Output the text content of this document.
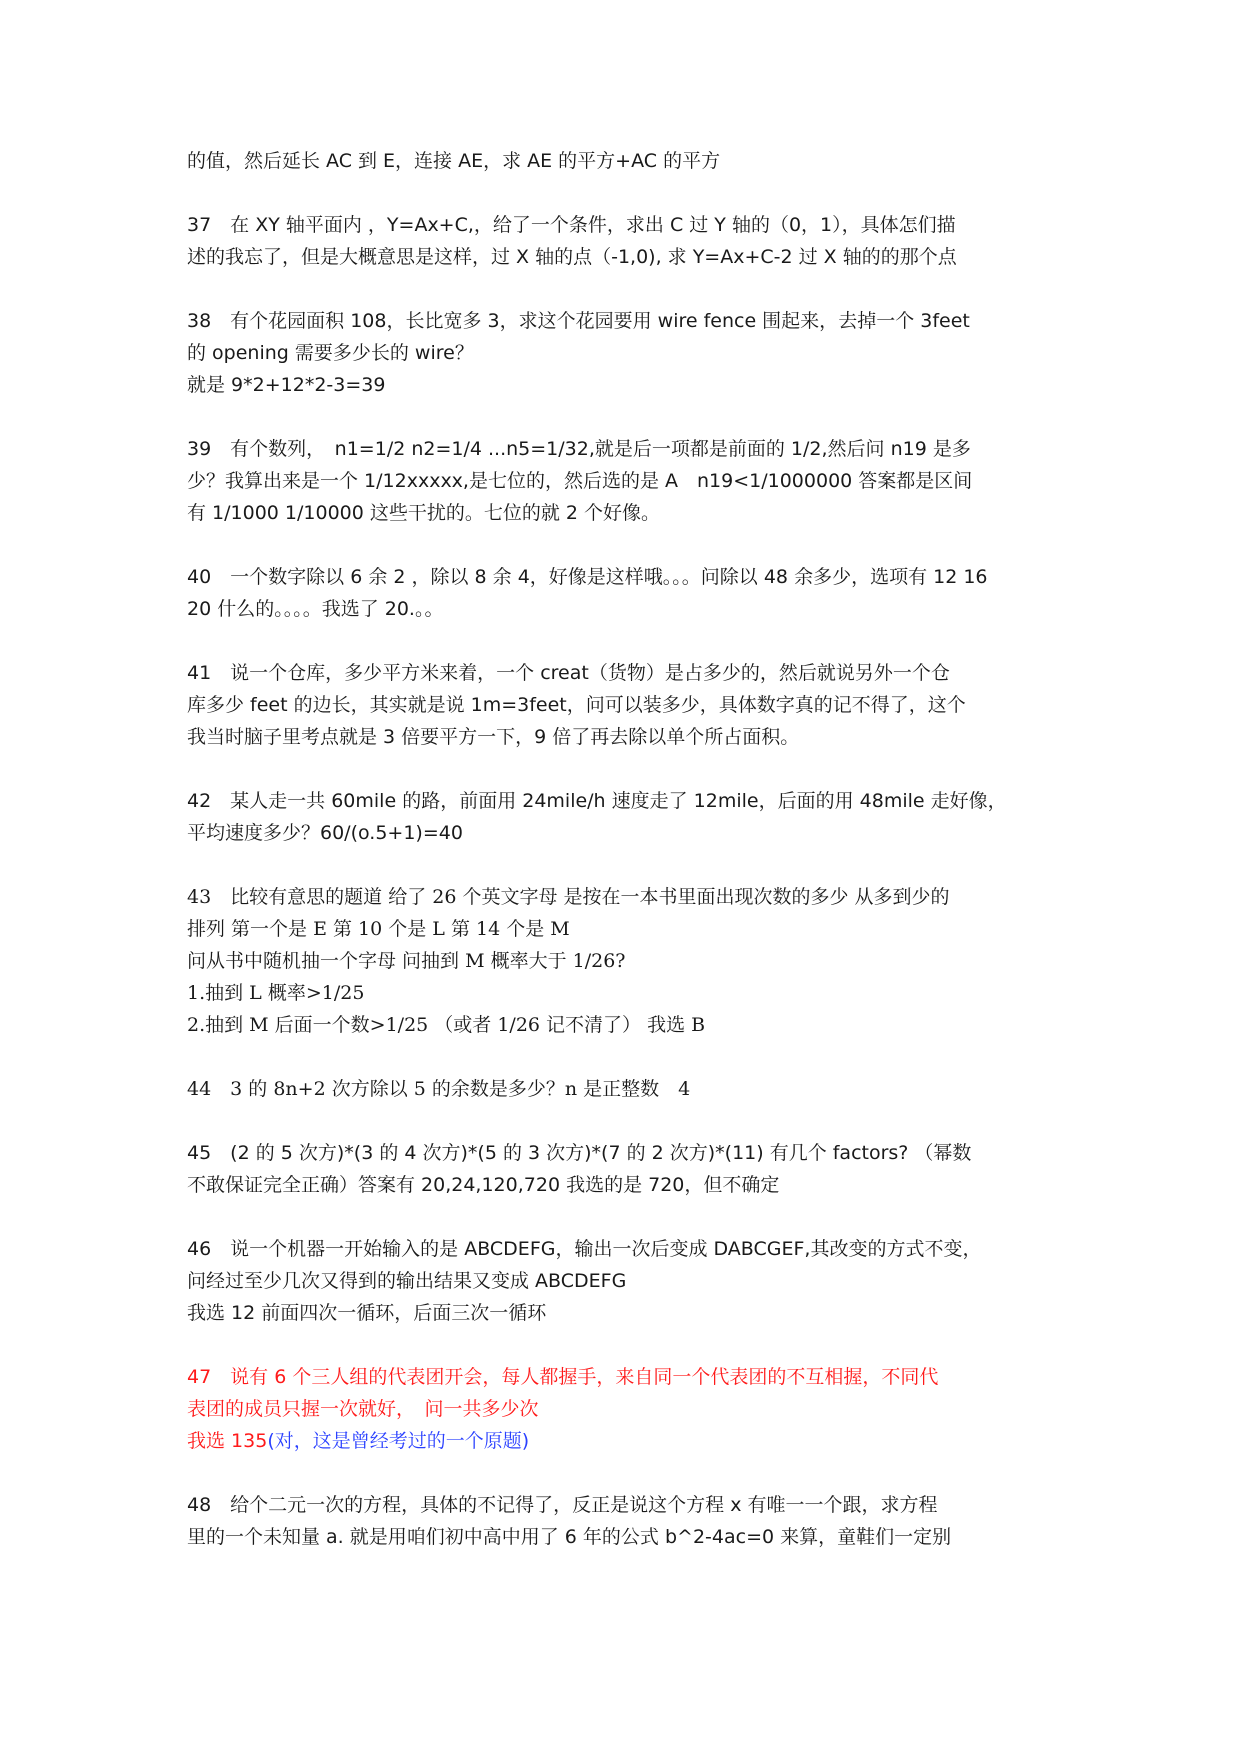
的值，然后延长 AC 到 E，连接 AE，求 AE 的平方+AC 的平方
37　在 XY 轴平面内 ，Y=Ax+C,，给了一个条件，求出 C 过 Y 轴的（0，1），具体怎们描
述的我忘了，但是大概意思是这样，过 X 轴的点（-1,0), 求 Y=Ax+C-2 过 X 轴的的那个点
38　有个花园面积 108，长比宽多 3，求这个花园要用 wire fence 围起来，去掉一个 3feet
的 opening 需要多少长的 wire？
就是 9*2+12*2-3=39
39　有个数列，　n1=1/2 n2=1/4 ...n5=1/32,就是后一项都是前面的 1/2,然后问 n19 是多
少？我算出来是一个 1/12xxxxx,是七位的，然后选的是 A　n19<1/1000000 答案都是区间
有 1/1000 1/10000 这些干扰的。七位的就 2 个好像。
40　一个数字除以 6 余 2 ，除以 8 余 4，好像是这样哦。。。问除以 48 余多少，选项有 12 16
20 什么的。。。。我选了 20.。。
41　说一个仓库，多少平方米来着，一个 creat（货物）是占多少的，然后就说另外一个仓
库多少 feet 的边长，其实就是说 1m=3feet，问可以装多少，具体数字真的记不得了，这个
我当时脑子里考点就是 3 倍要平方一下，9 倍了再去除以单个所占面积。
42　某人走一共 60mile 的路，前面用 24mile/h 速度走了 12mile，后面的用 48mile 走好像，
平均速度多少？60/(o.5+1)=40
43　比较有意思的题道 给了 26 个英文字母 是按在一本书里面出现次数的多少 从多到少的
排列 第一个是 E 第 10 个是 L 第 14 个是 M
问从书中随机抽一个字母 问抽到 M 概率大于 1/26?
1.抽到 L 概率>1/25
2.抽到 M 后面一个数>1/25 （或者 1/26 记不清了） 我选 B
44　3 的 8n+2 次方除以 5 的余数是多少？n 是正整数　4
45　(2 的 5 次方)*(3 的 4 次方)*(5 的 3 次方)*(7 的 2 次方)*(11) 有几个 factors? （幂数
不敢保证完全正确）答案有 20,24,120,720 我选的是 720，但不确定
46　说一个机器一开始输入的是 ABCDEFG，输出一次后变成 DABCGEF,其改变的方式不变，
问经过至少几次又得到的输出结果又变成 ABCDEFG
我选 12 前面四次一循环，后面三次一循环
47　说有 6 个三人组的代表团开会，每人都握手，来自同一个代表团的不互相握，不同代
表团的成员只握一次就好，　问一共多少次
我选 135(对，这是曾经考过的一个原题)
48　给个二元一次的方程，具体的不记得了，反正是说这个方程 x 有唯一一个跟，求方程
里的一个未知量 a. 就是用咱们初中高中用了 6 年的公式 b^2-4ac=0 来算，童鞋们一定别
